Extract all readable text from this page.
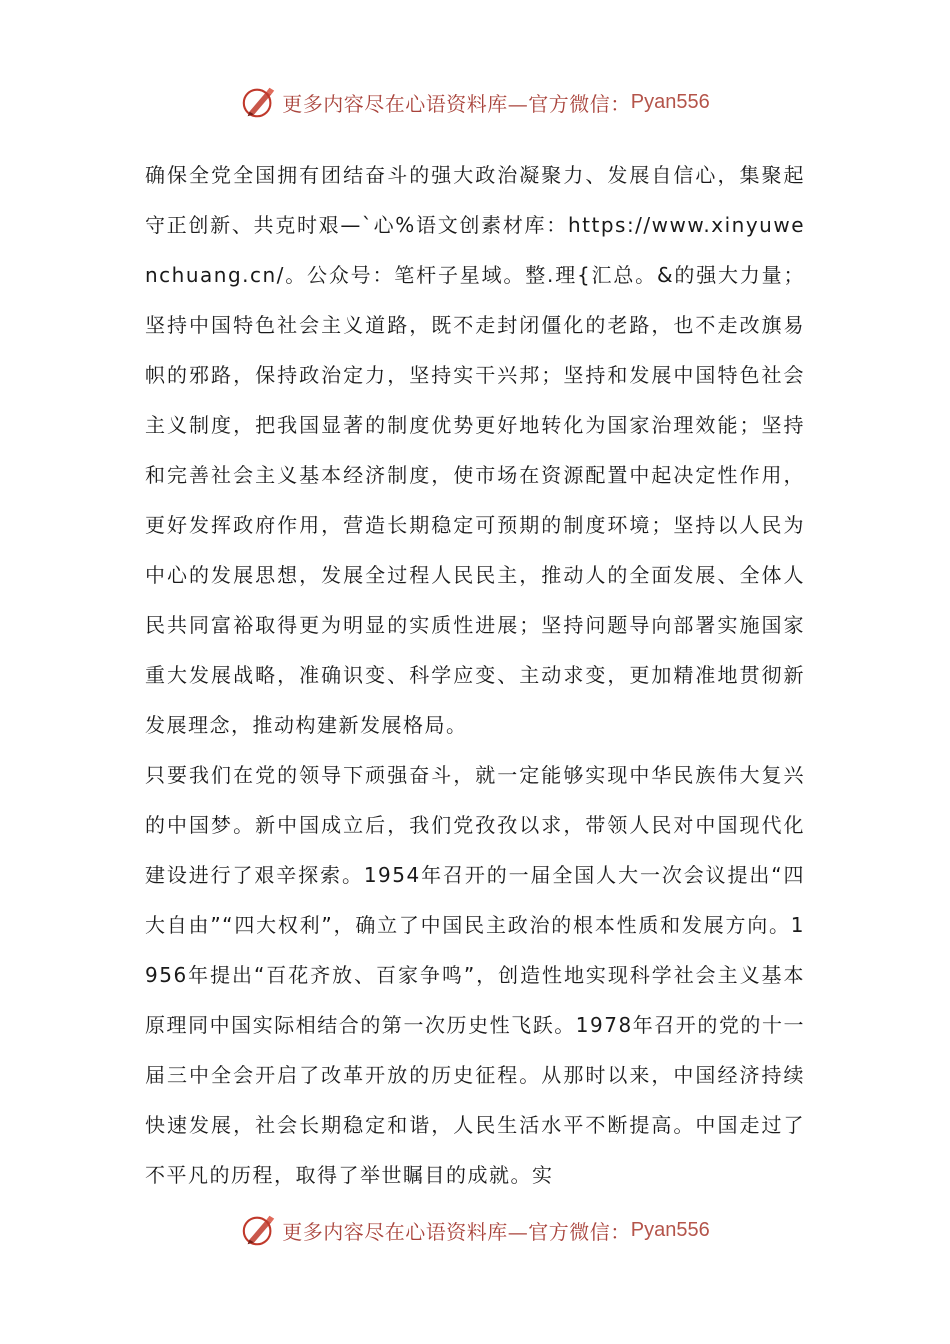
更多内容尽在心语资料库—官方微信： Pyan556

确保全党全国拥有团结奋斗的强大政治凝聚力、发展自信心，集聚起守正创新、共克时艰—`心%语文创素材库：https://www.xinyuwenchuang.cn/。公众号：笔杆子星域。整.理{汇总。&的强大力量；坚持中国特色社会主义道路，既不走封闭僵化的老路，也不走改旗易帜的邪路，保持政治定力，坚持实干兴邦；坚持和发展中国特色社会主义制度，把我国显著的制度优势更好地转化为国家治理效能；坚持和完善社会主义基本经济制度，使市场在资源配置中起决定性作用，更好发挥政府作用，营造长期稳定可预期的制度环境；坚持以人民为中心的发展思想，发展全过程人民民主，推动人的全面发展、全体人民共同富裕取得更为明显的实质性进展；坚持问题导向部署实施国家重大发展战略，准确识变、科学应变、主动求变，更加精准地贯彻新发展理念，推动构建新发展格局。

只要我们在党的领导下顽强奋斗，就一定能够实现中华民族伟大复兴的中国梦。新中国成立后，我们党孜孜以求，带领人民对中国现代化建设进行了艰辛探索。1954年召开的一届全国人大一次会议提出“四大自由”“四大权利”，确立了中国民主政治的根本性质和发展方向。1956年提出“百花齐放、百家争鸣”，创造性地实现科学社会主义基本原理同中国实际相结合的第一次历史性飞跃。1978年召开的党的十一届三中全会开启了改革开放的历史征程。从那时以来，中国经济持续快速发展，社会长期稳定和谐，人民生活水平不断提高。中国走过了不平凡的历程，取得了举世瞩目的成就。实

更多内容尽在心语资料库—官方微信： Pyan556
